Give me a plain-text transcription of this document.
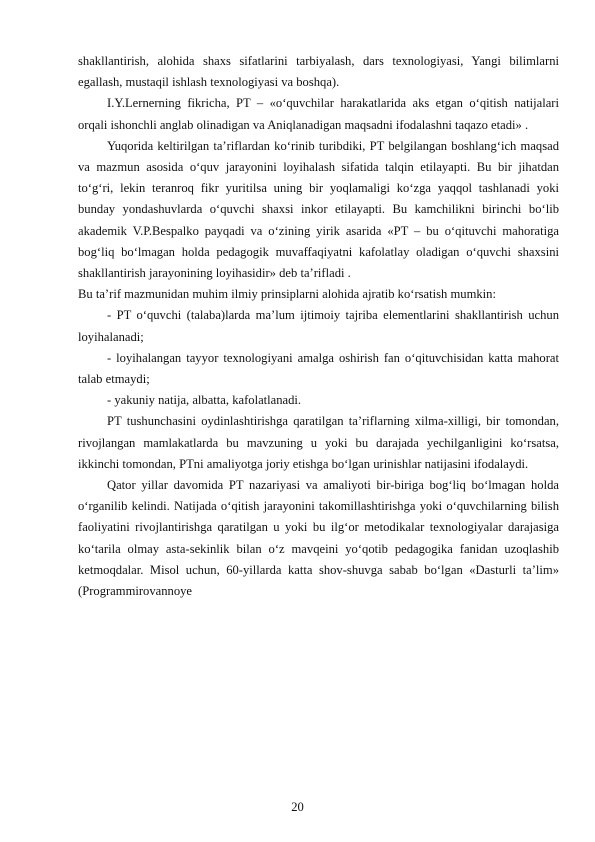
shakllantirish, alohida shaxs sifatlarini tarbiyalash, dars texnologiyasi, Yangi bilimlarni egallash, mustaqil ishlash texnologiyasi va boshqa).

I.Y.Lernerning fikricha, PT – «o‘quvchilar harakatlarida aks etgan o‘qitish natijalari orqali ishonchli anglab olinadigan va Aniqlanadigan maqsadni ifodalashni taqazo etadi» .

Yuqorida keltirilgan ta’riflardan ko‘rinib turibdiki, PT belgilangan boshlang‘ich maqsad va mazmun asosida o‘quv jarayonini loyihalash sifatida talqin etilayapti. Bu bir jihatdan to‘g‘ri, lekin teranroq fikr yuritilsa uning bir yoqlamaligi ko‘zga yaqqol tashlanadi yoki bunday yondashuvlarda o‘quvchi shaxsi inkor etilayapti. Bu kamchilikni birinchi bo‘lib akademik V.P.Bespalko payqadi va o‘zining yirik asarida «PT – bu o‘qituvchi mahoratiga bog‘liq bo‘lmagan holda pedagogik muvaffaqiyatni kafolatlay oladigan o‘quvchi shaxsini shakllantirish jarayonining loyihasidir» deb ta’rifladi .

Bu ta’rif mazmunidan muhim ilmiy prinsiplarni alohida ajratib ko‘rsatish mumkin:

- PT o‘quvchi (talaba)larda ma’lum ijtimoiy tajriba elementlarini shakllantirish uchun loyihalanadi;

- loyihalangan tayyor texnologiyani amalga oshirish fan o‘qituvchisidan katta mahorat talab etmaydi;

- yakuniy natija, albatta, kafolatlanadi.

PT tushunchasini oydinlashtirishga qaratilgan ta’riflarning xilma-xilligi, bir tomondan, rivojlangan mamlakatlarda bu mavzuning u yoki bu darajada yechilganligini ko‘rsatsa, ikkinchi tomondan, PTni amaliyotga joriy etishga bo‘lgan urinishlar natijasini ifodalaydi.

Qator yillar davomida PT nazariyasi va amaliyoti bir-biriga bog‘liq bo‘lmagan holda o‘rganilib kelindi. Natijada o‘qitish jarayonini takomillashtirishga yoki o‘quvchilarning bilish faoliyatini rivojlantirishga qaratilgan u yoki bu ilg‘or metodikalar texnologiyalar darajasiga ko‘tarila olmay asta-sekinlik bilan o‘z mavqeini yo‘qotib pedagogika fanidan uzoqlashib ketmoqdalar. Misol uchun, 60-yillarda katta shov-shuvga sabab bo‘lgan «Dasturli ta’lim» (Programmirovannoye

20
